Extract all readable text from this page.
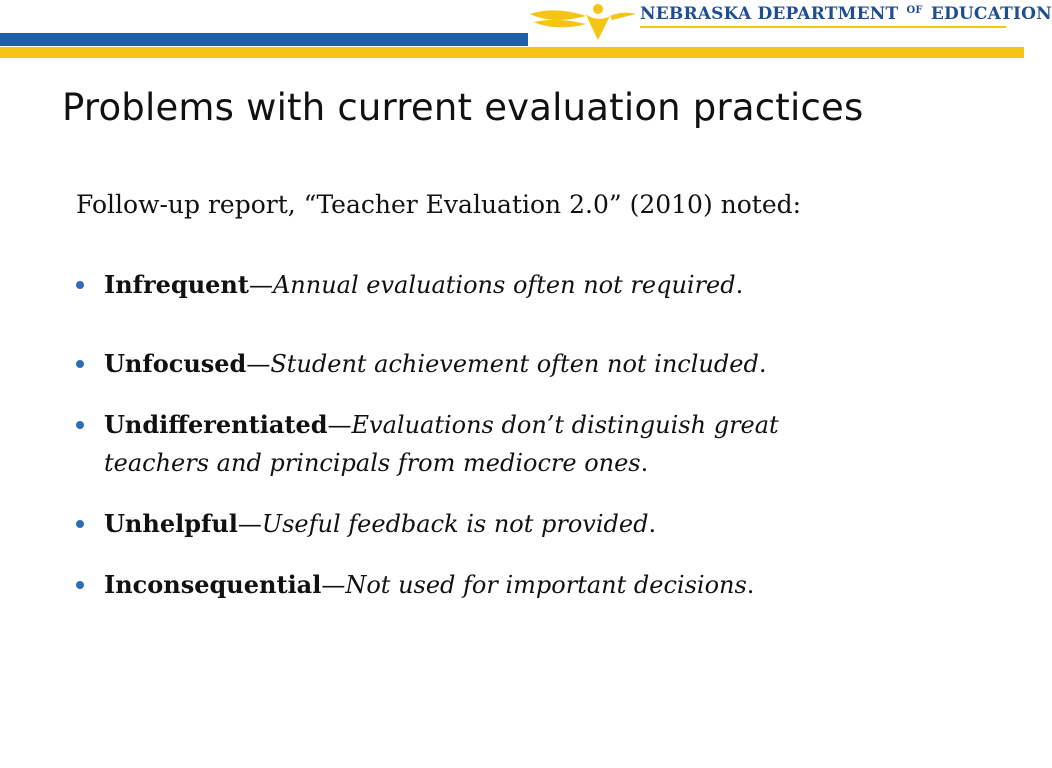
NEBRASKA DEPARTMENT $^{OF}$ EDUCATION
Problems with current evaluation practices
Follow-up report, “Teacher Evaluation 2.0” (2010) noted:
Infrequent—Annual evaluations often not required.
Unfocused—Student achievement often not included.
Undifferentiated—Evaluations don’t distinguish great teachers and principals from mediocre ones.
Unhelpful—Useful feedback is not provided.
Inconsequential—Not used for important decisions.
